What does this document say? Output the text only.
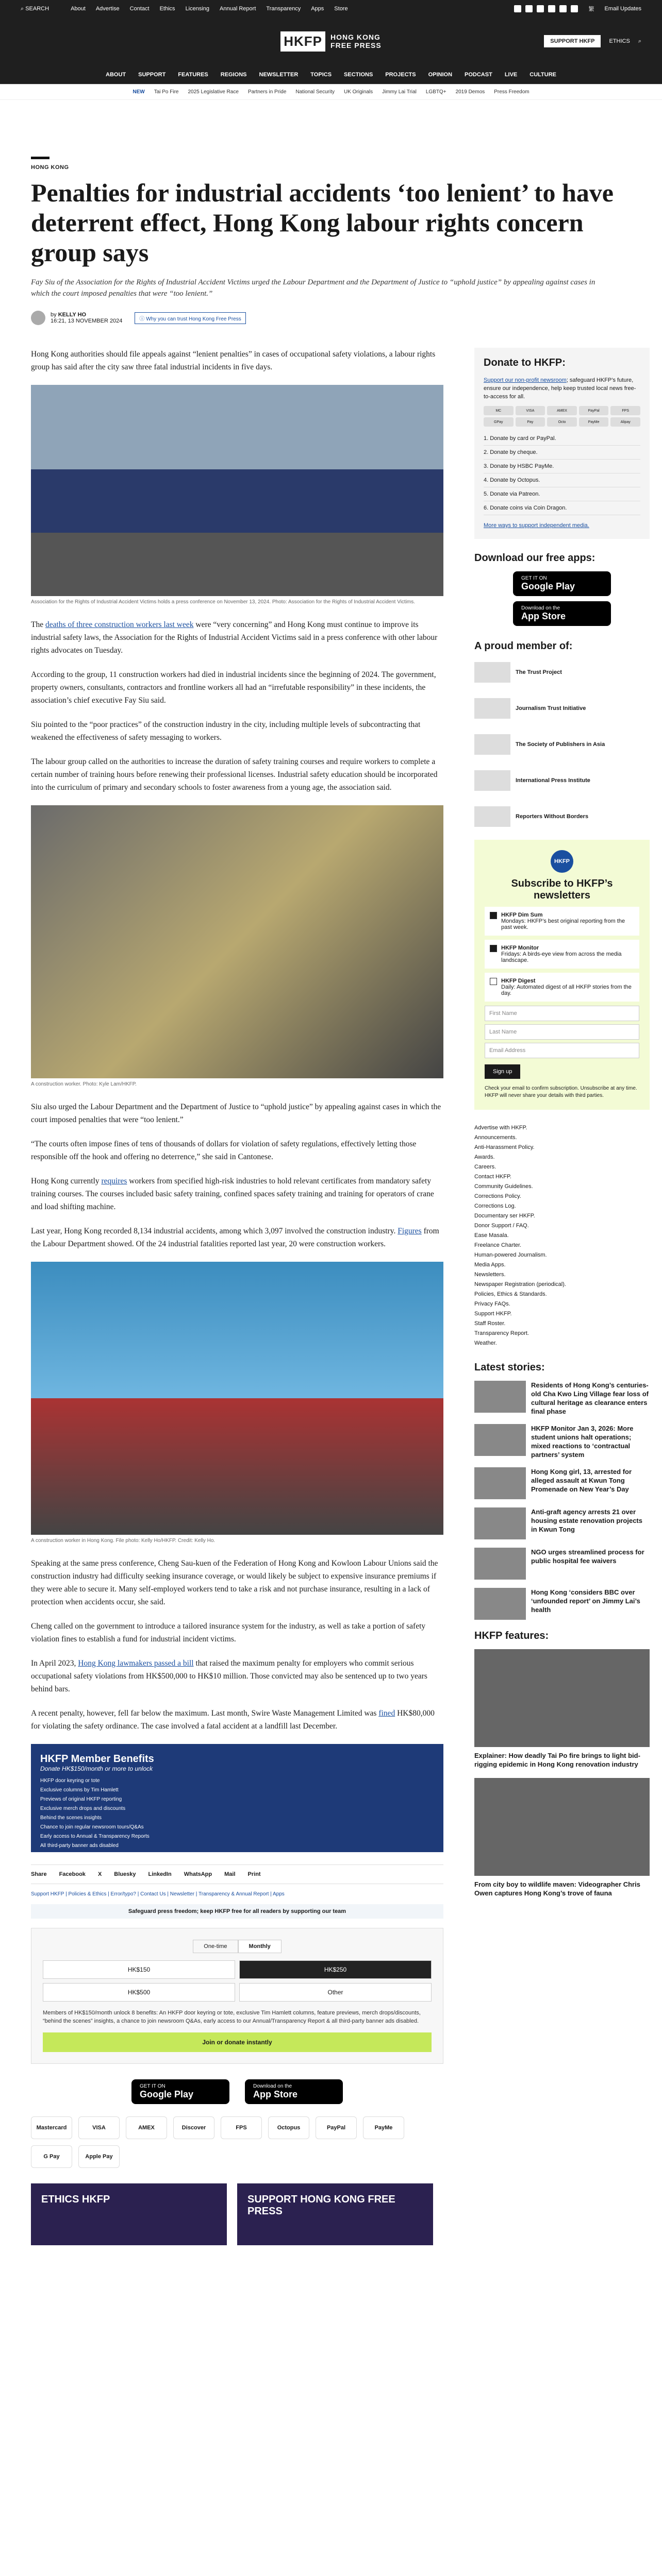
⌕ SEARCH	About Advertise Contact Ethics Licensing Annual Report Transparency Apps Store	繁 Email Updates
HKFP	HONG KONG
FREE PRESS	SUPPORT HKFP	ETHICS ⌕
ABOUT SUPPORT FEATURES REGIONS NEWSLETTER TOPICS SECTIONS PROJECTS OPINION PODCAST LIVE CULTURE
NEW Tai Po Fire 2025 Legislative Race Partners in Pride National Security UK Originals Jimmy Lai Trial LGBTQ+ 2019 Demos Press Freedom
HONG KONG
Penalties for industrial accidents ‘too lenient’ to have deterrent effect, Hong Kong labour rights concern group says
Fay Siu of the Association for the Rights of Industrial Accident Victims urged the Labour Department and the Department of Justice to “uphold justice” by appealing against cases in which the court imposed penalties that were “too lenient.”
by KELLY HO
16:21, 13 NOVEMBER 2024	ⓘ Why you can trust Hong Kong Free Press

Hong Kong authorities should file appeals against “lenient penalties” in cases of occupational safety violations, a labour rights group has said after the city saw three fatal industrial incidents in five days.

Association for the Rights of Industrial Accident Victims holds a press conference on November 13, 2024. Photo: Association for the Rights of Industrial Accident Victims.

The deaths of three construction workers last week were “very concerning” and Hong Kong must continue to improve its industrial safety laws, the Association for the Rights of Industrial Accident Victims said in a press conference with other labour rights advocates on Tuesday.

According to the group, 11 construction workers had died in industrial incidents since the beginning of 2024. The government, property owners, consultants, contractors and frontline workers all had an “irrefutable responsibility” in these incidents, the association’s chief executive Fay Siu said.

Siu pointed to the “poor practices” of the construction industry in the city, including multiple levels of subcontracting that weakened the effectiveness of safety messaging to workers.

The labour group called on the authorities to increase the duration of safety training courses and require workers to complete a certain number of training hours before renewing their professional licenses. Industrial safety education should be incorporated into the curriculum of primary and secondary schools to foster awareness from a young age, the association said.

A construction worker. Photo: Kyle Lam/HKFP.

Siu also urged the Labour Department and the Department of Justice to “uphold justice” by appealing against cases in which the court imposed penalties that were “too lenient.”

“The courts often impose fines of tens of thousands of dollars for violation of safety regulations, effectively letting those responsible off the hook and offering no deterrence,” she said in Cantonese.

Hong Kong currently requires workers from specified high-risk industries to hold relevant certificates from mandatory safety training courses. The courses included basic safety training, confined spaces safety training and training for operators of crane and load shifting machine.

Last year, Hong Kong recorded 8,134 industrial accidents, among which 3,097 involved the construction industry. Figures from the Labour Department showed. Of the 24 industrial fatalities reported last year, 20 were construction workers.

A construction worker in Hong Kong. File photo: Kelly Ho/HKFP. Credit: Kelly Ho.

Speaking at the same press conference, Cheng Sau-kuen of the Federation of Hong Kong and Kowloon Labour Unions said the construction industry had difficulty seeking insurance coverage, or would likely be subject to expensive insurance premiums if they were able to secure it. Many self-employed workers tend to take a risk and not purchase insurance, resulting in a lack of protection when accidents occur, she said.

Cheng called on the government to introduce a tailored insurance system for the industry, as well as take a portion of safety violation fines to establish a fund for industrial incident victims.

In April 2023, Hong Kong lawmakers passed a bill that raised the maximum penalty for employers who commit serious occupational safety violations from HK$500,000 to HK$10 million. Those convicted may also be sentenced up to two years behind bars.

A recent penalty, however, fell far below the maximum. Last month, Swire Waste Management Limited was fined HK$80,000 for violating the safety ordinance. The case involved a fatal accident at a landfill last December.

HKFP Member Benefits
Donate HK$150/month or more to unlock
HKFP door keyring or tote
Exclusive columns by Tim Hamlett
Previews of original HKFP reporting
Exclusive merch drops and discounts
Behind the scenes insights
Chance to join regular newsroom tours/Q&As
Early access to Annual & Transparency Reports
All third-party banner ads disabled
Share Facebook X Bluesky LinkedIn WhatsApp Mail Print
Support HKFP | Policies & Ethics | Error/typo? | Contact Us | Newsletter | Transparency & Annual Report | Apps
Safeguard press freedom; keep HKFP free for all readers by supporting our team
One-time	Monthly
HK$150	HK$250
HK$500	Other
Members of HK$150/month unlock 8 benefits: An HKFP door keyring or tote, exclusive Tim Hamlett columns, feature previews, merch drops/discounts, “behind the scenes” insights, a chance to join newsroom Q&As, early access to our Annual/Transparency Report & all third-party banner ads disabled.
Join or donate instantly
GET IT ON
Google Play
Download on the
App Store
Mastercard	VISA	AMEX	Discover	FPS	Octopus	PayPal	PayMe
G Pay	Apple Pay
ETHICS HKFP	SUPPORT HONG KONG FREE PRESS
Donate to HKFP:
Support our non-profit newsroom; safeguard HKFP’s future, ensure our independence, help keep trusted local news free-to-access for all.
MC	VISA	AMEX	PayPal	FPS
GPay	Pay	Octo	PayMe	Alipay
1. Donate by card or PayPal.
2. Donate by cheque.
3. Donate by HSBC PayMe.
4. Donate by Octopus.
5. Donate via Patreon.
6. Donate coins via Coin Dragon.
More ways to support independent media.
Download our free apps:
GET IT ON
Google Play
Download on the
App Store
A proud member of:
The Trust Project
Journalism Trust Initiative
The Society of Publishers in Asia
International Press Institute
Reporters Without Borders
HKFP
Subscribe to HKFP’s newsletters
HKFP Dim Sum
Mondays: HKFP’s best original reporting from the past week.
HKFP Monitor
Fridays: A birds-eye view from across the media landscape.
HKFP Digest
Daily: Automated digest of all HKFP stories from the day.
First Name
Last Name
Email Address
Sign up
Check your email to confirm subscription. Unsubscribe at any time. HKFP will never share your details with third parties.
Advertise with HKFP.
Announcements.
Anti-Harassment Policy.
Awards.
Careers.
Contact HKFP.
Community Guidelines.
Corrections Policy.
Corrections Log.
Documentary ser HKFP.
Donor Support / FAQ.
Ease Masala.
Freelance Charter.
Human-powered Journalism.
Media Apps.
Newsletters.
Newspaper Registration (periodical).
Policies, Ethics & Standards.
Privacy FAQs.
Support HKFP.
Staff Roster.
Transparency Report.
Weather.
Latest stories:
Residents of Hong Kong’s centuries-old Cha Kwo Ling Village fear loss of cultural heritage as clearance enters final phase
HKFP Monitor Jan 3, 2026: More student unions halt operations; mixed reactions to ‘contractual partners’ system
Hong Kong girl, 13, arrested for alleged assault at Kwun Tong Promenade on New Year’s Day
Anti-graft agency arrests 21 over housing estate renovation projects in Kwun Tong
NGO urges streamlined process for public hospital fee waivers
Hong Kong ‘considers BBC over ‘unfounded report’ on Jimmy Lai’s health
HKFP features:
Explainer: How deadly Tai Po fire brings to light bid-rigging epidemic in Hong Kong renovation industry
From city boy to wildlife maven: Videographer Chris Owen captures Hong Kong’s trove of fauna
